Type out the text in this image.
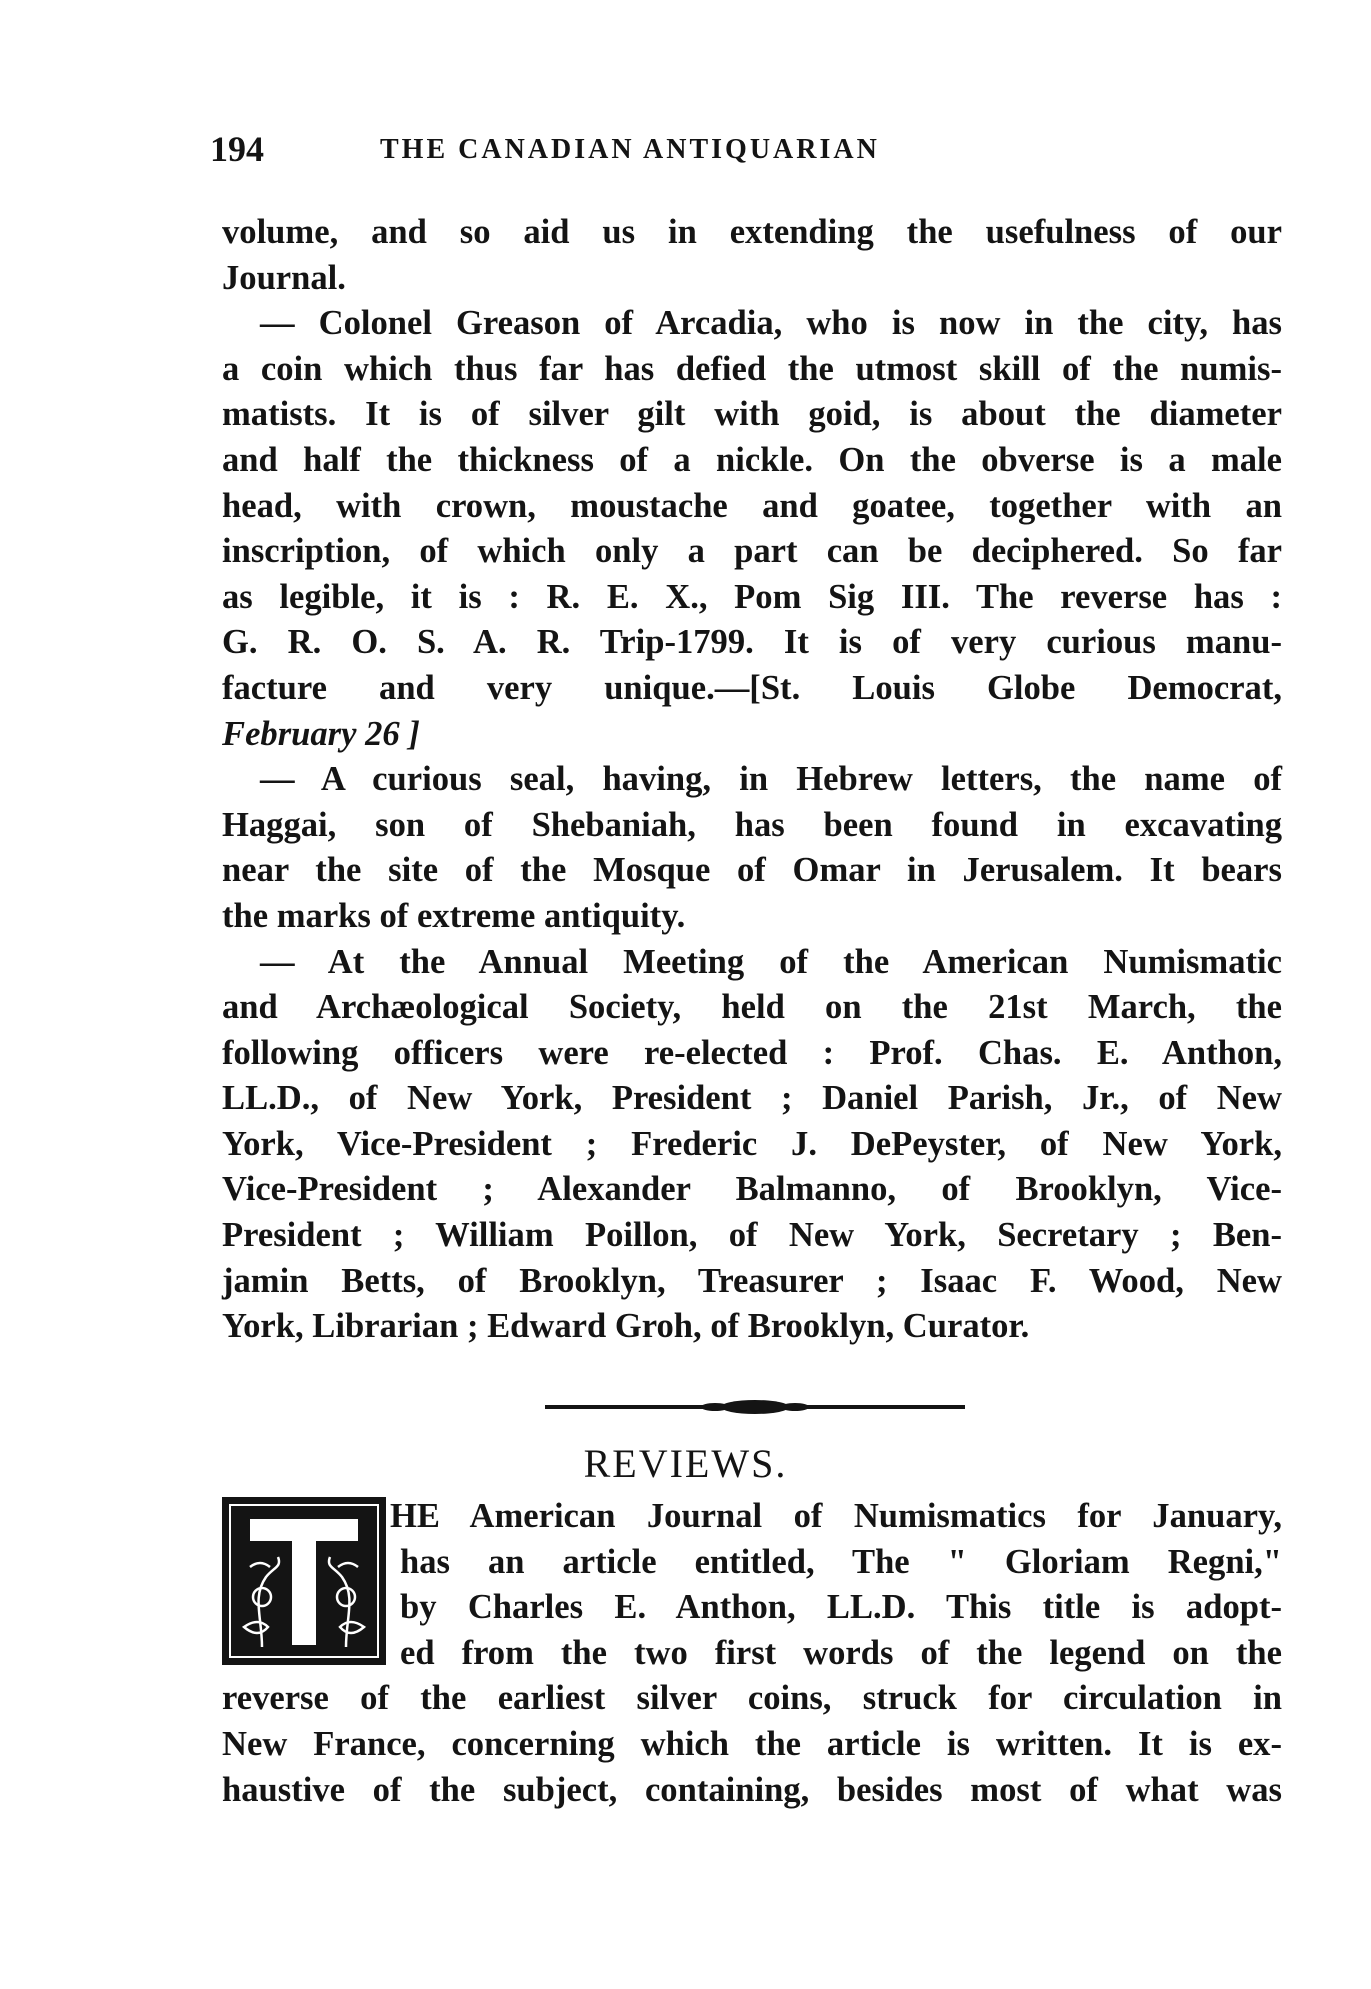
194	THE CANADIAN ANTIQUARIAN
volume, and so aid us in extending the usefulness of our
Journal.
— Colonel Greason of Arcadia, who is now in the city, has
a coin which thus far has defied the utmost skill of the numis-
matists. It is of silver gilt with goid, is about the diameter
and half the thickness of a nickle. On the obverse is a male
head, with crown, moustache and goatee, together with an
inscription, of which only a part can be deciphered. So far
as legible, it is : R. E. X., Pom Sig III. The reverse has :
G. R. O. S. A. R. Trip-1799. It is of very curious manu-
facture and very unique.—[St. Louis Globe Democrat,
February 26 ]
— A curious seal, having, in Hebrew letters, the name of
Haggai, son of Shebaniah, has been found in excavating
near the site of the Mosque of Omar in Jerusalem. It bears
the marks of extreme antiquity.
— At the Annual Meeting of the American Numismatic
and Archæological Society, held on the 21st March, the
following officers were re-elected : Prof. Chas. E. Anthon,
LL.D., of New York, President ; Daniel Parish, Jr., of New
York, Vice-President ; Frederic J. DePeyster, of New York,
Vice-President ; Alexander Balmanno, of Brooklyn, Vice-
President ; William Poillon, of New York, Secretary ; Ben-
jamin Betts, of Brooklyn, Treasurer ; Isaac F. Wood, New
York, Librarian ; Edward Groh, of Brooklyn, Curator.
REVIEWS.
HE American Journal of Numismatics for January,
has an article entitled, The " Gloriam Regni,"
by Charles E. Anthon, LL.D. This title is adopt-
ed from the two first words of the legend on the
reverse of the earliest silver coins, struck for circulation in
New France, concerning which the article is written. It is ex-
haustive of the subject, containing, besides most of what was
